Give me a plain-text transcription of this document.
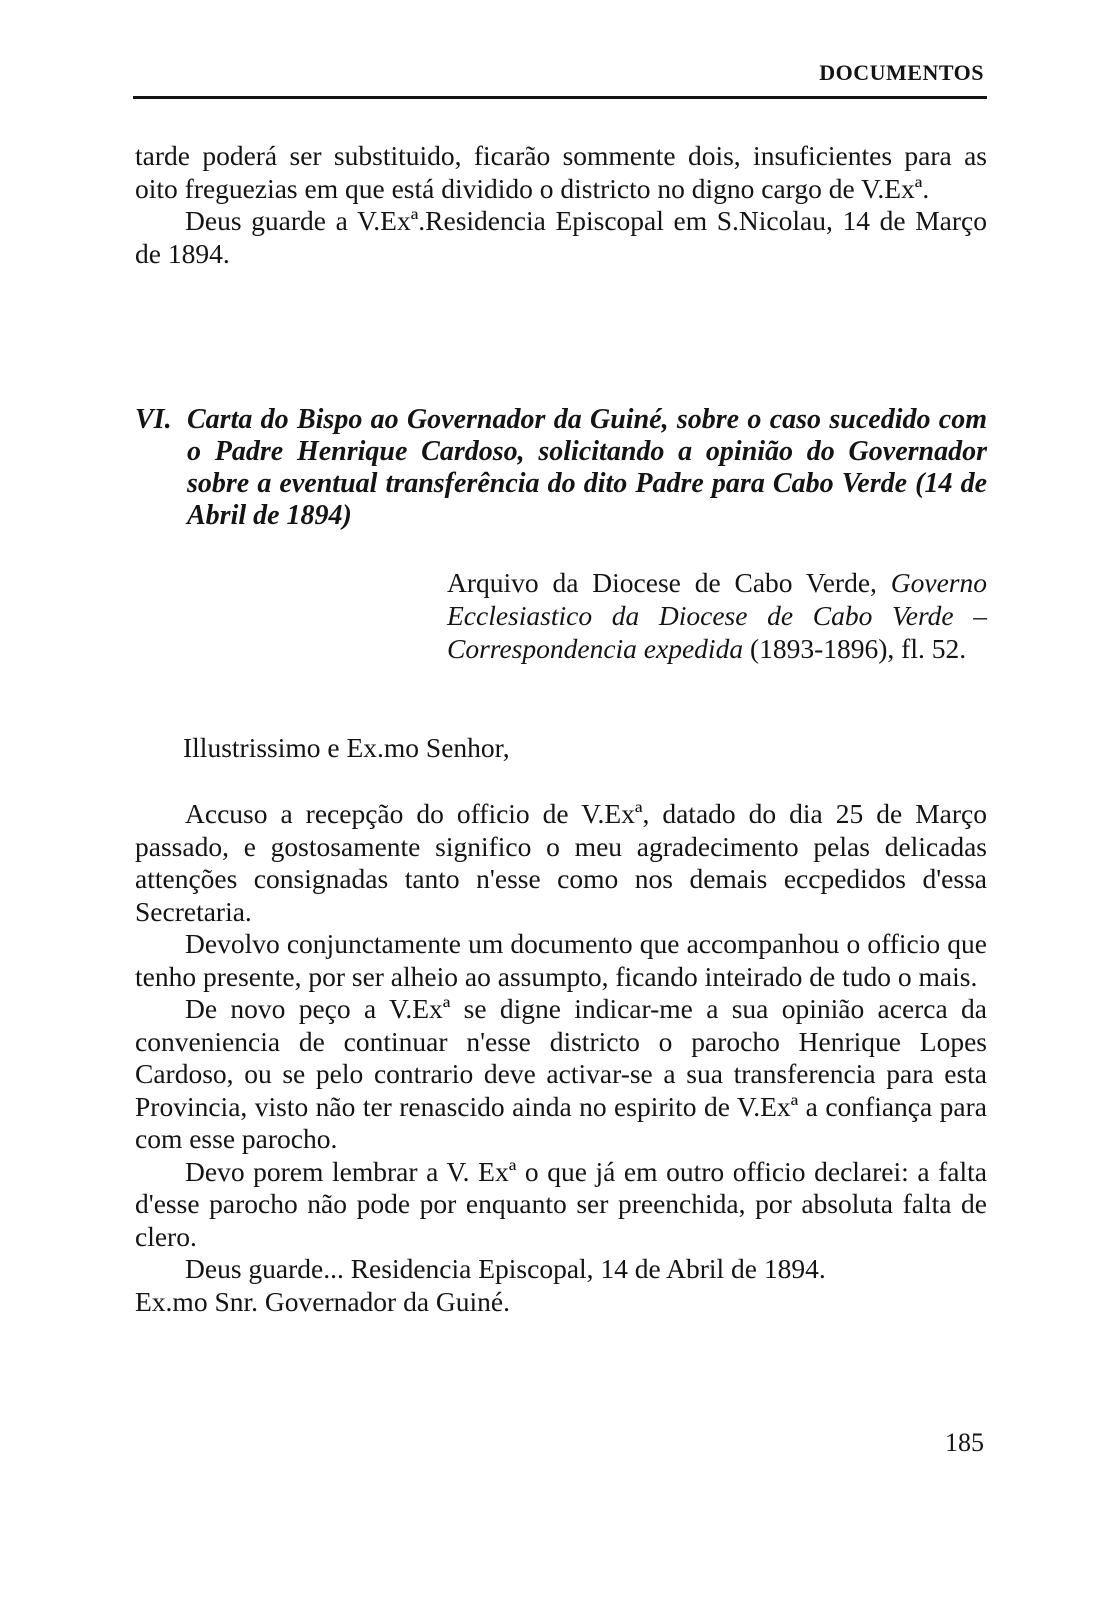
DOCUMENTOS

tarde poderá ser substituido, ficarão sommente dois, insuficientes para as oito freguezias em que está dividido o districto no digno cargo de V.Exª.

Deus guarde a V.Exª.Residencia Episcopal em S.Nicolau, 14 de Março de 1894.

VI. Carta do Bispo ao Governador da Guiné, sobre o caso sucedido com o Padre Henrique Cardoso, solicitando a opinião do Governador sobre a eventual transferência do dito Padre para Cabo Verde (14 de Abril de 1894)
Arquivo da Diocese de Cabo Verde, Governo Ecclesiastico da Diocese de Cabo Verde – Correspondencia expedida (1893-1896), fl. 52.
Illustrissimo e Ex.mo Senhor,

Accuso a recepção do officio de V.Exª, datado do dia 25 de Março passado, e gostosamente significo o meu agradecimento pelas delicadas attenções consignadas tanto n'esse como nos demais eccpedidos d'essa Secretaria.

Devolvo conjunctamente um documento que accompanhou o officio que tenho presente, por ser alheio ao assumpto, ficando inteirado de tudo o mais.

De novo peço a V.Exª se digne indicar-me a sua opinião acerca da conveniencia de continuar n'esse districto o parocho Henrique Lopes Cardoso, ou se pelo contrario deve activar-se a sua transferencia para esta Provincia, visto não ter renascido ainda no espirito de V.Exª a confiança para com esse parocho.

Devo porem lembrar a V. Exª o que já em outro officio declarei: a falta d'esse parocho não pode por enquanto ser preenchida, por absoluta falta de clero.

Deus guarde... Residencia Episcopal, 14 de Abril de 1894.

Ex.mo Snr. Governador da Guiné.

185
